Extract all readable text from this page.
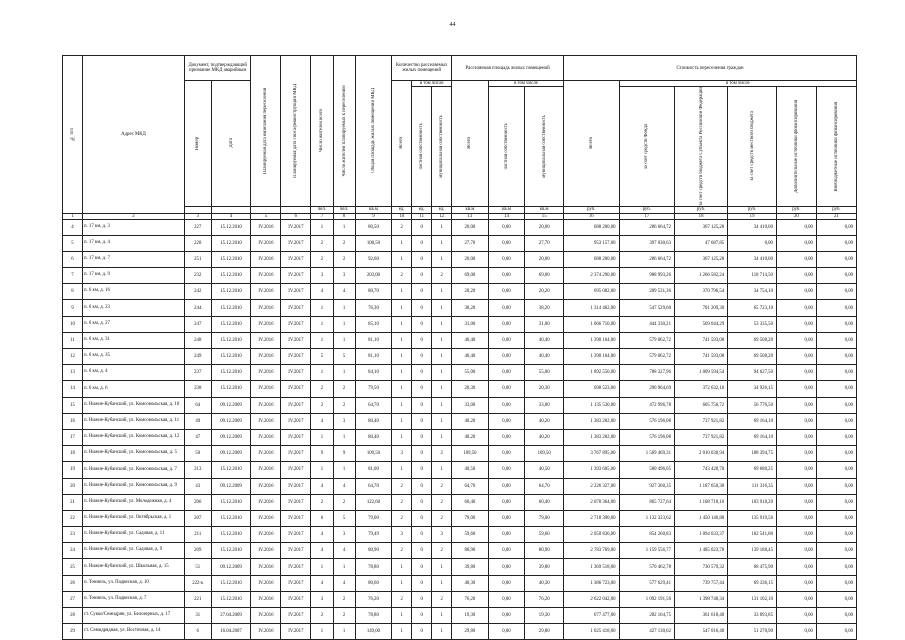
44
№ п/п	Адрес МКД	Документ, подтверждающий признание МКД аварийным		Планируемая дата окончания переселения	Планируемая дата сноса/реконструкции МКД	Число жителей всего	Число жителей планируемых к переселению	Общая площадь жилых помещений МКД	Количество расселяемых жилых помещений			Расселяемая площадь жилых помещений			Стоимость переселения граждан					

		Номер	Дата						Всего	в том числе		Всего	в том числе		Всего	в том числе				

										частная собственность	муниципальная собственность		частная собственность	муниципальная собственность		за счет средств Фонда	за счет средств бюджета Субъекта Российской Федерации	за счет средств местного бюджета	Дополнительные источники финансирования	Внебюджетные источники финансирования

						чел.	чел.	кв.м	ед.	ед.	ед.	кв.м	кв.м	кв.м	руб.	руб.	руб.	руб.	руб.	руб.
1	2	3	4	5	6	7	8	9	10	11	12	13	14	15	16	17	18	19	20	21
4	п. 17 км, д. 3	227	15.12.2010	IV.2016	IV.2017	1	1	80,50	2	0	1	20,00	0,00	20,00	688 200,00	286 664,72	367 125,28	34 410,00	0,00	0,00
5	п. 17 км, д. 4	228	15.12.2010	IV.2016	IV.2017	2	2	108,50	1	0	1	27,70	0,00	27,70	953 157,00	397 030,63	47 687,85	0,00	0,00	0,00
6	п. 17 км, д. 7	251	15.12.2010	IV.2016	IV.2017	2	2	92,60	1	0	1	20,00	0,00	20,00	688 200,00	286 664,72	367 125,28	34 410,00	0,00	0,00
7	п. 17 км, д. 9	232	15.12.2010	IV.2016	IV.2017	3	3	203,00	2	0	2	69,00	0,00	69,00	2 374 290,00	988 993,26	1 266 582,24	118 714,50	0,00	0,00
8	п. 6 км, д. 16	242	15.12.2010	IV.2016	IV.2017	4	4	80,70	1	0	1	20,20	0,00	20,20	695 082,00	289 531,36	370 796,54	34 754,10	0,00	0,00
9	п. 6 км, д. 23	244	15.12.2010	IV.2016	IV.2017	1	1	76,30	1	0	1	38,20	0,00	38,20	1 314 462,00	547 529,60	701 209,30	65 723,10	0,00	0,00
10	п. 6 км, д. 27	247	15.12.2010	IV.2016	IV.2017	1	1	85,10	1	0	1	31,00	0,00	31,00	1 066 710,00	444 330,21	569 044,29	53 335,50	0,00	0,00
11	п. 6 км, д. 31	248	15.12.2010	IV.2016	IV.2017	1	1	81,10	1	0	1	40,40	0,00	40,40	1 390 164,00	579 062,72	741 593,08	69 508,20	0,00	0,00
12	п. 6 км, д. 35	249	15.12.2010	IV.2016	IV.2017	5	5	81,10	1	0	1	40,40	0,00	40,40	1 390 164,00	579 062,72	741 593,08	69 508,20	0,00	0,00
13	п. 6 км, д. 4	237	15.12.2010	IV.2016	IV.2017	1	1	84,10	1	0	1	55,00	0,00	55,00	1 892 550,00	788 327,96	1 009 594,54	94 627,50	0,00	0,00
14	п. 6 км, д. 6	238	15.12.2010	IV.2016	IV.2017	2	2	79,50	1	0	1	20,30	0,00	20,30	698 523,00	290 964,69	372 632,16	34 926,15	0,00	0,00
15	п. Нижне-Кубанский, ул. Комсомольская, д. 10	64	09.12.2009	IV.2016	IV.2017	2	2	64,70	1	0	1	33,00	0,00	33,00	1 135 530,00	472 996,78	605 756,72	56 776,50	0,00	0,00
16	п. Нижне-Кубанский, ул. Комсомольская, д. 11	49	09.12.2009	IV.2016	IV.2017	4	3	80,40	1	0	1	40,20	0,00	40,20	1 383 282,00	576 196,08	737 921,82	69 164,10	0,00	0,00
17	п. Нижне-Кубанский, ул. Комсомольская, д. 12	47	09.12.2009	IV.2016	IV.2017	1	1	80,40	1	0	1	40,20	0,00	40,20	1 383 282,00	576 196,08	737 921,82	69 164,10	0,00	0,00
18	п. Нижне-Кубанский, ул. Комсомольская, д. 5	50	09.12.2009	IV.2016	IV.2017	9	9	109,50	3	0	2	109,50	0,00	109,50	3 767 895,00	1 569 469,31	2 010 030,94	188 394,75	0,00	0,00
19	п. Нижне-Кубанский, ул. Комсомольская, д. 7	213	15.12.2010	IV.2016	IV.2017	1	1	81,00	1	0	1	40,50	0,00	40,50	1 393 605,00	580 496,05	743 428,70	69 680,25	0,00	0,00
20	п. Нижне-Кубанский, ул. Комсомольская, д. 9	43	09.12.2009	IV.2016	IV.2017	4	4	64,70	2	0	2	64,70	0,00	64,70	2 226 327,00	927 360,35	1 187 650,30	111 316,35	0,00	0,00
21	п. Нижне-Кубанский, ул. Молодежная, д. 4	206	15.12.2010	IV.2016	IV.2017	2	2	122,60	2	0	2	60,40	0,00	60,40	2 078 364,00	865 727,64	1 108 718,16	103 918,20	0,00	0,00
22	п. Нижне-Кубанский, ул. Октябрьская, д. 1	207	15.12.2010	IV.2016	IV.2017	6	5	79,00	2	0	2	79,00	0,00	79,00	2 718 390,00	1 132 323,62	1 450 146,88	135 919,50	0,00	0,00
23	п. Нижне-Кубанский, ул. Садовая, д. 11	211	15.12.2010	IV.2016	IV.2017	4	3	79,49	3	0	3	59,60	0,00	59,60	2 050 836,00	854 260,83	1 094 033,37	102 541,80	0,00	0,00
24	п. Нижне-Кубанский, ул. Садовая, д. 9	209	15.12.2010	IV.2016	IV.2017	4	4	80,90	2	0	2	80,90	0,00	80,90	2 783 769,00	1 159 556,77	1 485 023,78	139 188,45	0,00	0,00
25	п. Нижне-Кубанский, ул. Школьная, д. 15	51	09.12.2009	IV.2016	IV.2017	1	1	78,80	1	0	1	39,80	0,00	39,80	1 369 518,00	570 462,78	730 579,32	68 475,90	0,00	0,00
26	п. Тоннель, ул. Подвесная, д. 10	222-к	15.12.2010	IV.2016	IV.2017	4	4	80,60	1	0	1	40,30	0,00	40,30	1 386 723,00	577 629,41	739 757,44	69 336,15	0,00	0,00
27	п. Тоннель, ул. Подвесная, д. 7	221	15.12.2010	IV.2016	IV.2017	3	2	76,20	2	0	2	76,20	0,00	76,20	2 622 042,00	1 092 191,56	1 398 748,34	131 102,10	0,00	0,00
28	ст. Сукко/Семидрян, ул. Белозерных, д. 17	31	27.04.2009	IV.2016	IV.2017	2	2	78,80	1	0	1	19,30	0,00	19,30	677 477,00	282 164,75	361 618,40	33 893,85	0,00	0,00
29	ст. Семидрядная, ул. Восточная, д. 14	6	16.04.2007	IV.2016	IV.2017	1	1	149,00	1	0	1	29,80	0,00	29,80	1 025 418,00	427 130,62	547 016,48	51 270,90	0,00	0,00
